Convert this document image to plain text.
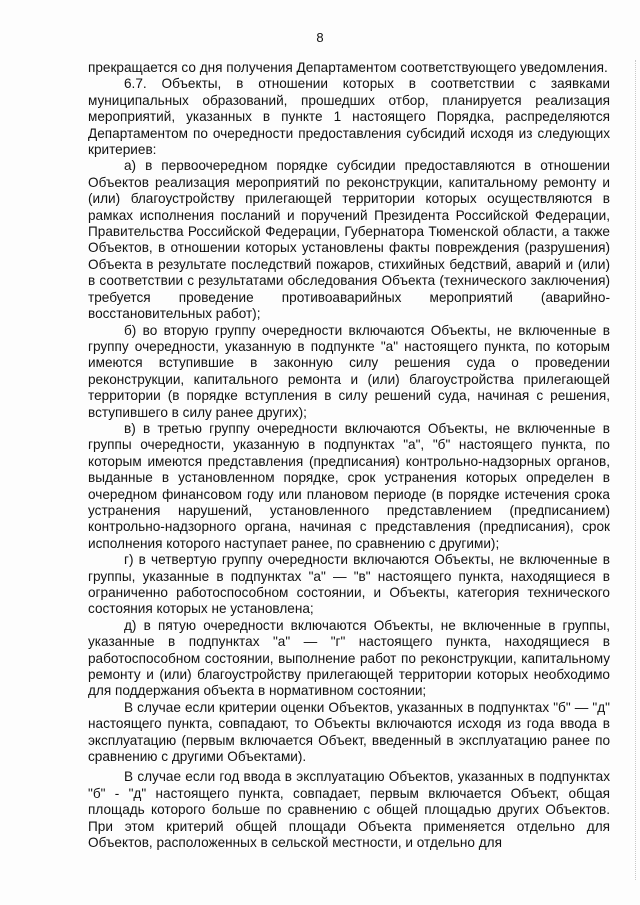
8

прекращается со дня получения Департаментом соответствующего уведомления.

6.7. Объекты, в отношении которых в соответствии с заявками муниципальных образований, прошедших отбор, планируется реализация мероприятий, указанных в пункте 1 настоящего Порядка, распределяются Департаментом по очередности предоставления субсидий исходя из следующих критериев:

а) в первоочередном порядке субсидии предоставляются в отношении Объектов реализация мероприятий по реконструкции, капитальному ремонту и (или) благоустройству прилегающей территории которых осуществляются в рамках исполнения посланий и поручений Президента Российской Федерации, Правительства Российской Федерации, Губернатора Тюменской области, а также Объектов, в отношении которых установлены факты повреждения (разрушения) Объекта в результате последствий пожаров, стихийных бедствий, аварий и (или) в соответствии с результатами обследования Объекта (технического заключения) требуется проведение противоаварийных мероприятий (аварийно-восстановительных работ);

б) во вторую группу очередности включаются Объекты, не включенные в группу очередности, указанную в подпункте "а" настоящего пункта, по которым имеются вступившие в законную силу решения суда о проведении реконструкции, капитального ремонта и (или) благоустройства прилегающей территории (в порядке вступления в силу решений суда, начиная с решения, вступившего в силу ранее других);

в) в третью группу очередности включаются Объекты, не включенные в группы очередности, указанную в подпунктах "а", "б" настоящего пункта, по которым имеются представления (предписания) контрольно-надзорных органов, выданные в установленном порядке, срок устранения которых определен в очередном финансовом году или плановом периоде (в порядке истечения срока устранения нарушений, установленного представлением (предписанием) контрольно-надзорного органа, начиная с представления (предписания), срок исполнения которого наступает ранее, по сравнению с другими);

г) в четвертую группу очередности включаются Объекты, не включенные в группы, указанные в подпунктах "а" — "в" настоящего пункта, находящиеся в ограниченно работоспособном состоянии, и Объекты, категория технического состояния которых не установлена;

д) в пятую очередности включаются Объекты, не включенные в группы, указанные в подпунктах "а" — "г" настоящего пункта, находящиеся в работоспособном состоянии, выполнение работ по реконструкции, капитальному ремонту и (или) благоустройству прилегающей территории которых необходимо для поддержания объекта в нормативном состоянии;

В случае если критерии оценки Объектов, указанных в подпунктах "б" — "д" настоящего пункта, совпадают, то Объекты включаются исходя из года ввода в эксплуатацию (первым включается Объект, введенный в эксплуатацию ранее по сравнению с другими Объектами).

В случае если год ввода в эксплуатацию Объектов, указанных в подпунктах "б" - "д" настоящего пункта, совпадает, первым включается Объект, общая площадь которого больше по сравнению с общей площадью других Объектов. При этом критерий общей площади Объекта применяется отдельно для Объектов, расположенных в сельской местности, и отдельно для
